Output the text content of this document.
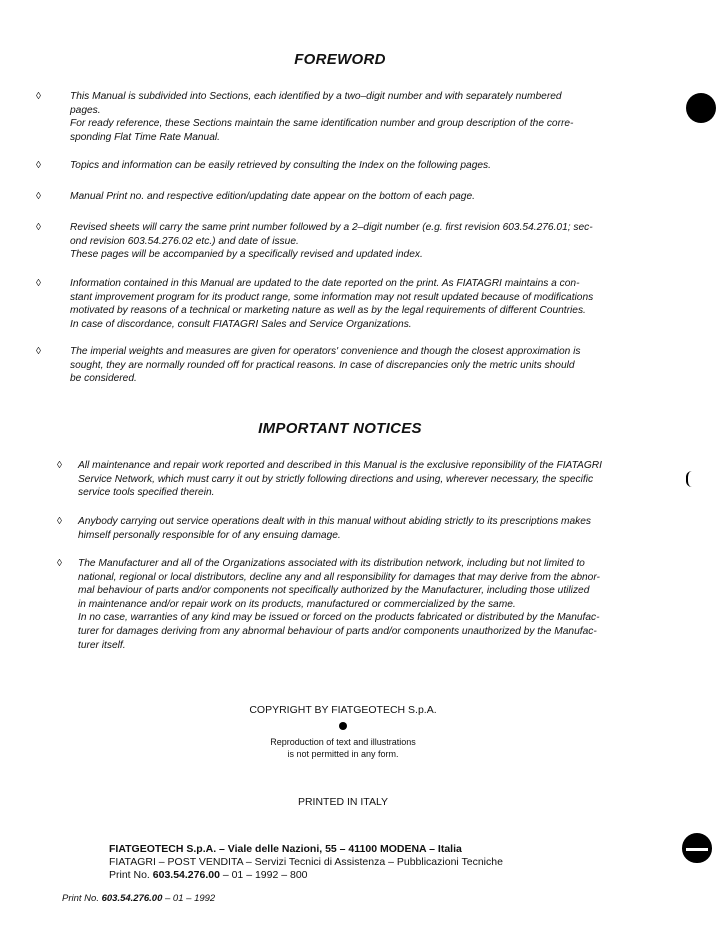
FOREWORD
◊	This Manual is subdivided into Sections, each identified by a two–digit number and with separately numbered
pages.
For ready reference, these Sections maintain the same identification number and group description of the corre-
sponding Flat Time Rate Manual.
◊	Topics and information can be easily retrieved by consulting the Index on the following pages.
◊	Manual Print no. and respective edition/updating date appear on the bottom of each page.
◊	Revised sheets will carry the same print number followed by a 2–digit number (e.g. first revision 603.54.276.01; sec-
ond revision 603.54.276.02 etc.) and date of issue.
These pages will be accompanied by a specifically revised and updated index.
◊	Information contained in this Manual are updated to the date reported on the print. As FIATAGRI maintains a con-
stant improvement program for its product range, some information may not result updated because of modifications
motivated by reasons of a technical or marketing nature as well as by the legal requirements of different Countries.
In case of discordance, consult FIATAGRI Sales and Service Organizations.
◊	The imperial weights and measures are given for operators' convenience and though the closest approximation is
sought, they are normally rounded off for practical reasons. In case of discrepancies only the metric units should
be considered.
IMPORTANT NOTICES
◊ All maintenance and repair work reported and described in this Manual is the exclusive reponsibility of the FIATAGRI
Service Network, which must carry it out by strictly following directions and using, wherever necessary, the specific
service tools specified therein.
◊ Anybody carrying out service operations dealt with in this manual without abiding strictly to its prescriptions makes
himself personally responsible for of any ensuing damage.
◊ The Manufacturer and all of the Organizations associated with its distribution network, including but not limited to
national, regional or local distributors, decline any and all responsibility for damages that may derive from the abnor-
mal behaviour of parts and/or components not specifically authorized by the Manufacturer, including those utilized
in maintenance and/or repair work on its products, manufactured or commercialized by the same.
In no case, warranties of any kind may be issued or forced on the products fabricated or distributed by the Manufac-
turer for damages deriving from any abnormal behaviour of parts and/or components unauthorized by the Manufac-
turer itself.
COPYRIGHT BY FIATGEOTECH S.p.A.
Reproduction of text and illustrations
is not permitted in any form.
PRINTED IN ITALY
FIATGEOTECH S.p.A. – Viale delle Nazioni, 55 – 41100 MODENA – Italia
FIATAGRI – POST VENDITA – Servizi Tecnici di Assistenza – Pubblicazioni Tecniche
Print No. 603.54.276.00 – 01 – 1992 – 800
Print No. 603.54.276.00 – 01 – 1992
